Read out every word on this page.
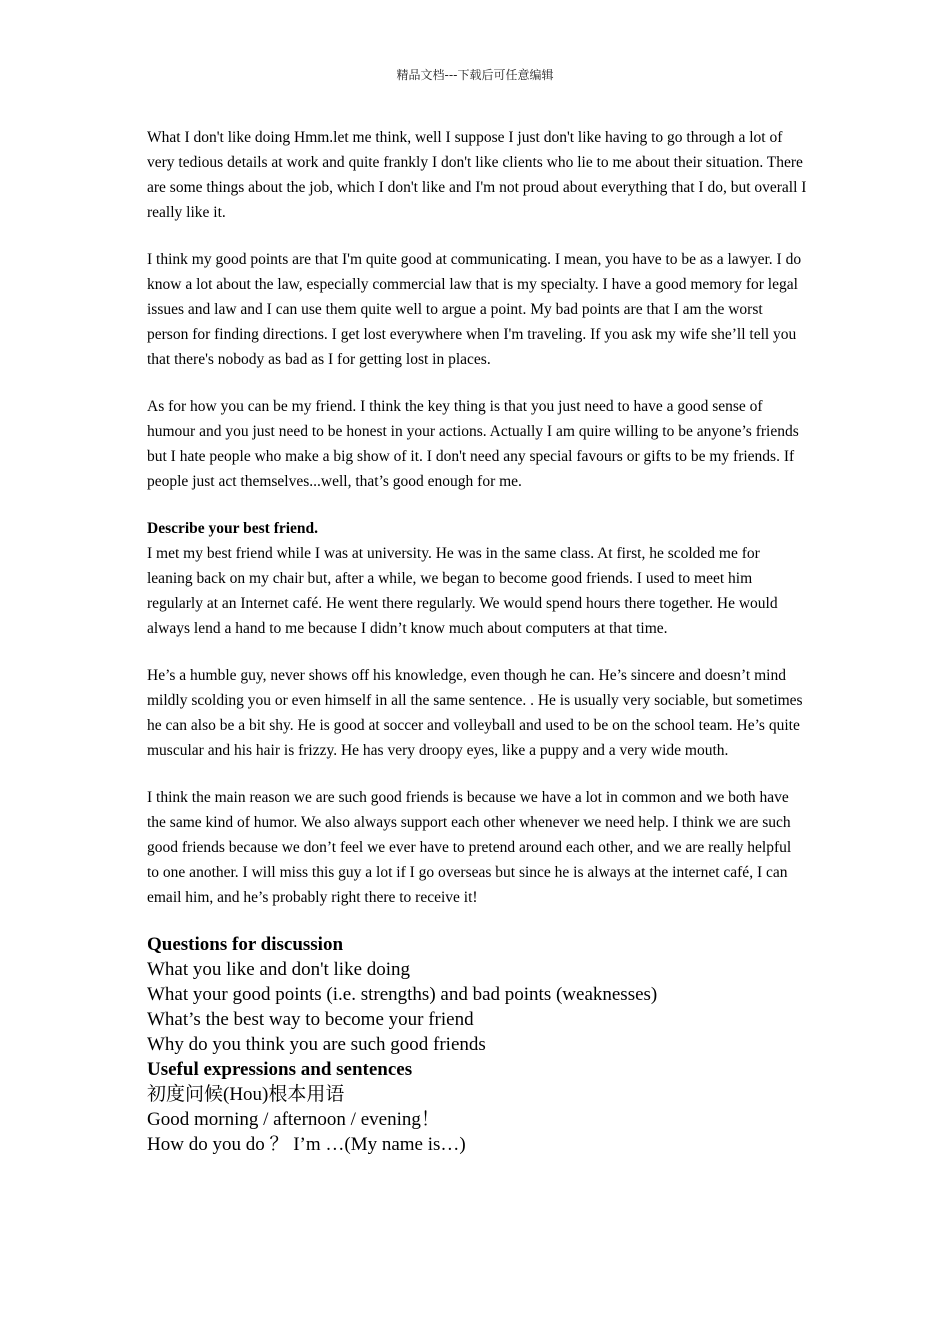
精品文档---下载后可任意编辑

What I don't like doing Hmm.let me think, well I suppose I just don't like having to go through a lot of very tedious details at work and quite frankly I don't like clients who lie to me about their situation. There are some things about the job, which I don't like and I'm not proud about everything that I do, but overall I really like it.

I think my good points are that I'm quite good at communicating. I mean, you have to be as a lawyer. I do know a lot about the law, especially commercial law that is my specialty. I have a good memory for legal issues and law and I can use them quite well to argue a point. My bad points are that I am the worst person for finding directions. I get lost everywhere when I'm traveling. If you ask my wife she’ll tell you that there's nobody as bad as I for getting lost in places.

As for how you can be my friend. I think the key thing is that you just need to have a good sense of humour and you just need to be honest in your actions. Actually I am quire willing to be anyone’s friends but I hate people who make a big show of it. I don't need any special favours or gifts to be my friends. If people just act themselves...well, that’s good enough for me.

Describe your best friend.

I met my best friend while I was at university. He was in the same class. At first, he scolded me for leaning back on my chair but, after a while, we began to become good friends. I used to meet him regularly at an Internet café. He went there regularly. We would spend hours there together. He would always lend a hand to me because I didn’t know much about computers at that time.

He’s a humble guy, never shows off his knowledge, even though he can. He’s sincere and doesn’t mind mildly scolding you or even himself in all the same sentence. . He is usually very sociable, but sometimes he can also be a bit shy. He is good at soccer and volleyball and used to be on the school team. He’s quite muscular and his hair is frizzy. He has very droopy eyes, like a puppy and a very wide mouth.

I think the main reason we are such good friends is because we have a lot in common and we both have the same kind of humor. We also always support each other whenever we need help. I think we are such good friends because we don’t feel we ever have to pretend around each other, and we are really helpful to one another. I will miss this guy a lot if I go overseas but since he is always at the internet café, I can email him, and he’s probably right there to receive it!

Questions for discussion

What you like and don't like doing

What your good points (i.e. strengths) and bad points (weaknesses)

What’s the best way to become your friend

Why do you think you are such good friends

Useful expressions and sentences

初度问候(Hou)根本用语

Good morning / afternoon / evening！

How do you do ？ I’m …(My name is…)
